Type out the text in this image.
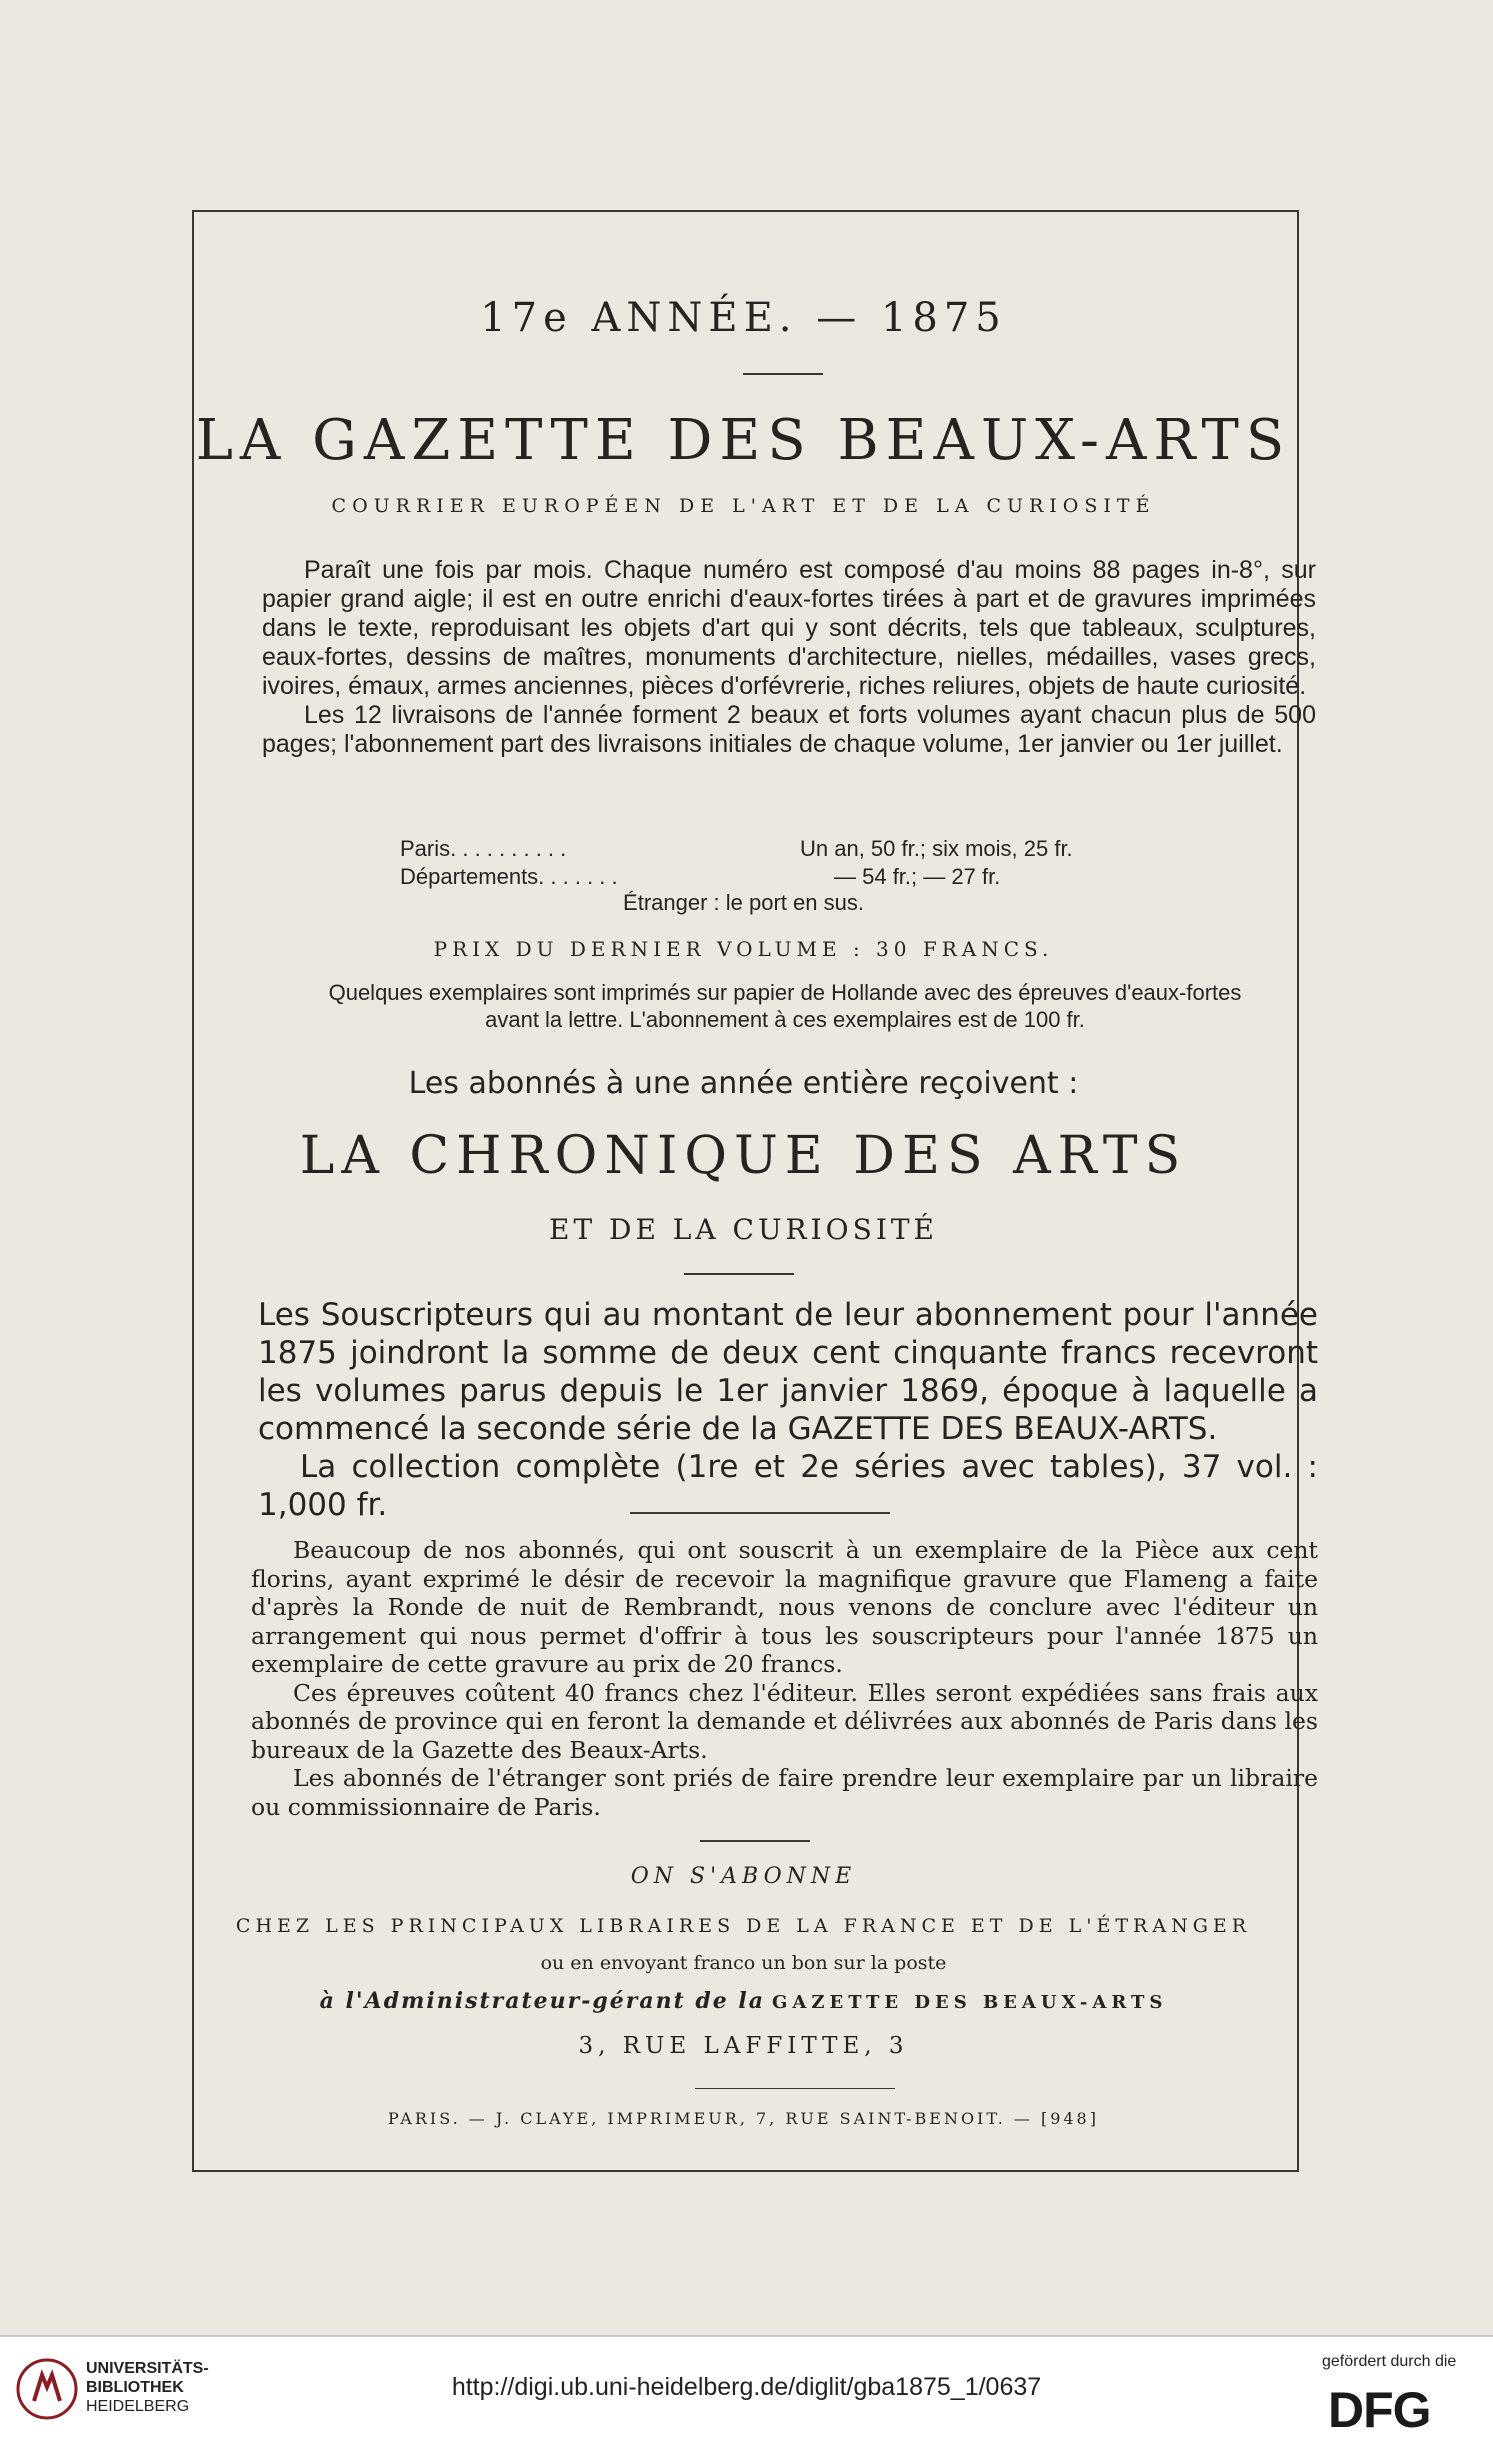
17e ANNÉE. — 1875
LA GAZETTE DES BEAUX-ARTS
COURRIER EUROPÉEN DE L'ART ET DE LA CURIOSITÉ

Paraît une fois par mois. Chaque numéro est composé d'au moins 88 pages in-8°, sur papier grand aigle; il est en outre enrichi d'eaux-fortes tirées à part et de gravures imprimées dans le texte, reproduisant les objets d'art qui y sont décrits, tels que tableaux, sculptures, eaux-fortes, dessins de maîtres, monuments d'architecture, nielles, médailles, vases grecs, ivoires, émaux, armes anciennes, pièces d'orfévrerie, riches reliures, objets de haute curiosité.

Les 12 livraisons de l'année forment 2 beaux et forts volumes ayant chacun plus de 500 pages; l'abonnement part des livraisons initiales de chaque volume, 1er janvier ou 1er juillet.

Paris. . . . . . . . . .	Un an, 50 fr.; six mois, 25 fr.
Départements. . . . . . .	— 54 fr.; — 27 fr.
Étranger : le port en sus.
PRIX DU DERNIER VOLUME : 30 FRANCS.
Quelques exemplaires sont imprimés sur papier de Hollande avec des épreuves d'eaux-fortes
avant la lettre. L'abonnement à ces exemplaires est de 100 fr.
Les abonnés à une année entière reçoivent :
LA CHRONIQUE DES ARTS
ET DE LA CURIOSITÉ

Les Souscripteurs qui au montant de leur abonnement pour l'année 1875 joindront la somme de deux cent cinquante francs recevront les volumes parus depuis le 1er janvier 1869, époque à laquelle a commencé la seconde série de la GAZETTE DES BEAUX-ARTS.

La collection complète (1re et 2e séries avec tables), 37 vol. : 1,000 fr.

Beaucoup de nos abonnés, qui ont souscrit à un exemplaire de la Pièce aux cent florins, ayant exprimé le désir de recevoir la magnifique gravure que Flameng a faite d'après la Ronde de nuit de Rembrandt, nous venons de conclure avec l'éditeur un arrangement qui nous permet d'offrir à tous les souscripteurs pour l'année 1875 un exemplaire de cette gravure au prix de 20 francs.

Ces épreuves coûtent 40 francs chez l'éditeur. Elles seront expédiées sans frais aux abonnés de province qui en feront la demande et délivrées aux abonnés de Paris dans les bureaux de la Gazette des Beaux-Arts.

Les abonnés de l'étranger sont priés de faire prendre leur exemplaire par un libraire ou commissionnaire de Paris.

ON S'ABONNE
CHEZ LES PRINCIPAUX LIBRAIRES DE LA FRANCE ET DE L'ÉTRANGER
ou en envoyant franco un bon sur la poste
à l'Administrateur-gérant de la GAZETTE DES BEAUX-ARTS
3, RUE LAFFITTE, 3
PARIS. — J. CLAYE, IMPRIMEUR, 7, RUE SAINT-BENOIT. — [948]
UNIVERSITÄTS-
BIBLIOTHEK
HEIDELBERG
http://digi.ub.uni-heidelberg.de/diglit/gba1875_1/0637
gefördert durch die
DFG
